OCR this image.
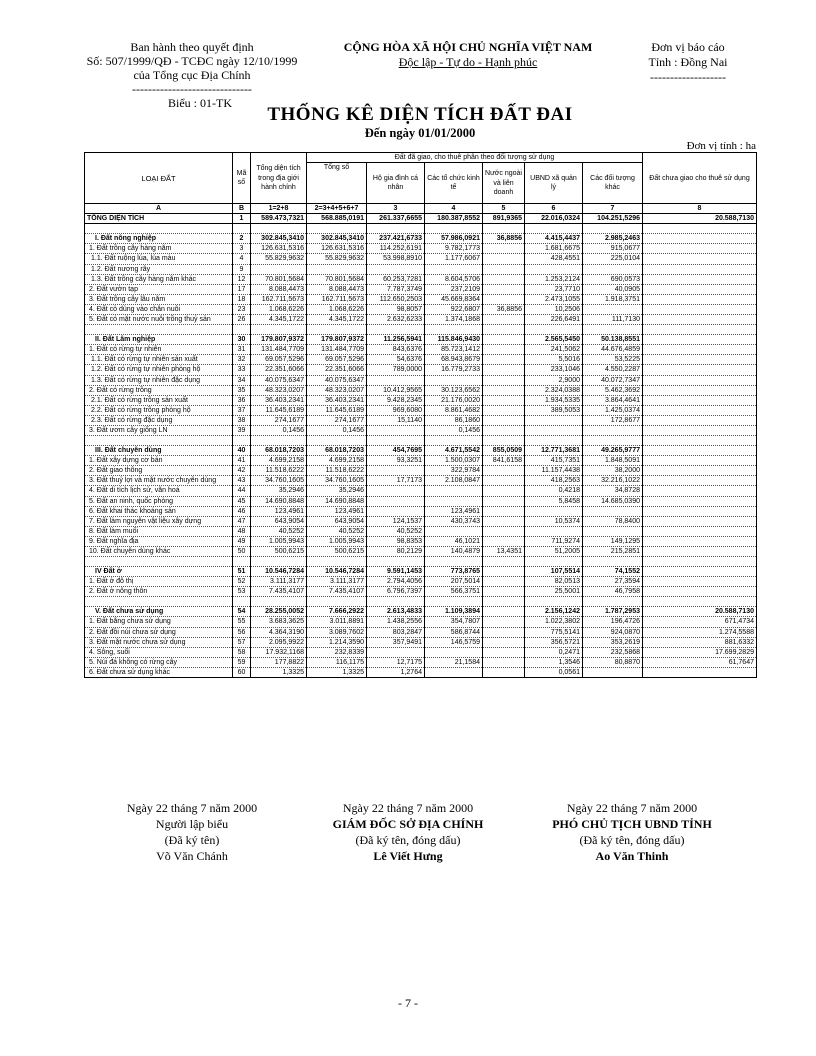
Ban hành theo quyết định
Số: 507/1999/QĐ - TCĐC ngày 12/10/1999
của Tổng cục Địa Chính
------------------------------
CỘNG HÒA XÃ HỘI CHỦ NGHĨA VIỆT NAM
Độc lập - Tự do - Hạnh phúc
Đơn vị báo cáo
Tỉnh : Đồng Nai
-------------------
Biểu : 01-TK
THỐNG KÊ DIỆN TÍCH ĐẤT ĐAI
Đến ngày 01/01/2000
Đơn vị tính : ha
LOẠI ĐẤT	Mã số	Tổng diện tích trong địa giới hành chính	Đất đã giao, cho thuê phân theo đối tượng sử dụng						Đất chưa giao cho thuê sử dụng
			Tổng số	Hộ gia đình cá nhân	Các tổ chức kinh tế	Nước ngoài và liên doanh	UBND xã quản lý	Các đối tượng khác	
A	B	1=2+8	2=3+4+5+6+7	3	4	5	6	7	8
TỔNG DIỆN TÍCH	1	589.473,7321	568.885,0191	261.337,6655	180.387,8552	891,9365	22.016,0324	104.251,5296	20.588,7130

I. Đất nông nghiệp	2	302.845,3410	302.845,3410	237.421,6733	57.986,0921	36,8856	4.415,4437	2.985,2463	
1. Đất trồng cây hàng năm	3	126.631,5316	126.631,5316	114.252,6191	9.782,1773		1.681,6675	915,0677	
1.1. Đất ruộng lúa, lúa màu	4	55.829,9632	55.829,9632	53.998,8910	1.177,6067		428,4551	225,0104	
1.2. Đất nương rẫy	9								
1.3. Đất trồng cây hàng năm khác	12	70.801,5684	70.801,5684	60.253,7281	8.604,5706		1.253,2124	690,0573	
2. Đất vườn tạp	17	8.088,4473	8.088,4473	7.787,3749	237,2109		23,7710	40,0905	
3. Đất trồng cây lâu năm	18	162.711,5673	162.711,5673	112.650,2503	45.669,8364		2.473,1055	1.918,3751	
4. Đất cỏ dùng vào chăn nuôi	23	1.068,6226	1.068,6226	98,8057	922,6807	36,8856	10,2506		
5. Đất có mặt nước nuôi trồng thuỷ sản	26	4.345,1722	4.345,1722	2.632,6233	1.374,1868		226,6491	111,7130	

II. Đất Lâm nghiệp	30	179.807,9372	179.807,9372	11.256,5941	115.846,9430		2.565,5450	50.138,8551	
1. Đất có rừng tự nhiên	31	131.484,7709	131.484,7709	843,6376	85.723,1412		241,5062	44.676,4859	
1.1. Đất có rừng tự nhiên sản xuất	32	69.057,5296	69.057,5296	54,6376	68.943,8679		5,5016	53,5225	
1.2. Đất có rừng tự nhiên phòng hộ	33	22.351,6066	22.351,6066	789,0000	16.779,2733		233,1046	4.550,2287	
1.3. Đất có rừng tự nhiên đặc dụng	34	40.075,6347	40.075,6347				2,9000	40.072,7347	
2. Đất có rừng trồng	35	48.323,0207	48.323,0207	10.412,9565	30.123,6562		2.324,0388	5.462,3692	
2.1. Đất có rừng trồng sản xuất	36	36.403,2341	36.403,2341	9.428,2345	21.176,0020		1.934,5335	3.864,4641	
2.2. Đất có rừng trồng phòng hộ	37	11.645,6189	11.645,6189	969,6080	8.861,4682		389,5053	1.425,0374	
2.3. Đất có rừng đặc dụng	38	274,1677	274,1677	15,1140	86,1860			172,8677	
3. Đất ươm cây giống LN	39	0,1456	0,1456		0,1456				

III. Đất chuyên dùng	40	68.018,7203	68.018,7203	454,7695	4.671,5542	855,0509	12.771,3681	49.265,9777	
1. Đất xây dựng cơ bản	41	4.699,2158	4.699,2158	93,3251	1.500,0307	841,6158	415,7351	1.848,5091	
2. Đất giao thông	42	11.518,6222	11.518,6222		322,9784		11.157,4438	38,2000	
3. Đất thuỷ lợi và mặt nước chuyên dùng	43	34.760,1605	34.760,1605	17,7173	2.108,0847		418,2563	32.216,1022	
4. Đất di tích lịch sử, văn hoá	44	35,2946	35,2946				0,4218	34,8728	
5. Đất an ninh, quốc phòng	45	14.690,8848	14.690,8848				5,8458	14.685,0390	
6. Đất khai thác khoáng sản	46	123,4961	123,4961		123,4961				
7. Đất làm nguyên vật liệu xây dựng	47	643,9054	643,9054	124,1537	430,3743		10,5374	78,8400	
8. Đất làm muối	48	40,5252	40,5252	40,5252					
9. Đất nghĩa địa	49	1.005,9943	1.005,9943	98,8353	46,1021		711,9274	149,1295	
10. Đất chuyên dùng khác	50	500,6215	500,6215	80,2129	140,4879	13,4351	51,2005	215,2851	

IV Đất ở	51	10.546,7284	10.546,7284	9.591,1453	773,8765		107,5514	74,1552	
1. Đất ở đô thị	52	3.111,3177	3.111,3177	2.794,4056	207,5014		82,0513	27,3594	
2. Đất ở nông thôn	53	7.435,4107	7.435,4107	6.796,7397	566,3751		25,5001	46,7958	

V. Đất chưa sử dụng	54	28.255,0052	7.666,2922	2.613,4833	1.109,3894		2.156,1242	1.787,2953	20.588,7130
1. Đất bằng chưa sử dụng	55	3.683,3625	3.011,8891	1.438,2556	354,7807		1.022,3802	196,4726	671,4734
2. Đất đồi núi chưa sử dụng	56	4.364,3190	3.089,7602	803,2847	586,8744		775,5141	924,0870	1.274,5588
3. Đất mặt nước chưa sử dụng	57	2.095,9922	1.214,3590	357,9491	146,5759		356,5721	353,2619	881,6332
4. Sông, suối	58	17.932,1168	232,8339				0,2471	232,5868	17.699,2829
5. Núi đá không có rừng cây	59	177,8822	116,1175	12,7175	21,1584		1,3546	80,8870	61,7647
6. Đất chưa sử dụng khác	60	1,3325	1,3325	1,2764			0,0561		
Ngày 22 tháng 7 năm 2000
Người lập biểu
(Đã ký tên)
Võ Văn Chánh
Ngày 22 tháng 7 năm 2000
GIÁM ĐỐC SỞ ĐỊA CHÍNH
(Đã ký tên, đóng dấu)
Lê Viết Hưng
Ngày 22 tháng 7 năm 2000
PHÓ CHỦ TỊCH UBND TỈNH
(Đã ký tên, đóng dấu)
Ao Văn Thinh
- 7 -
